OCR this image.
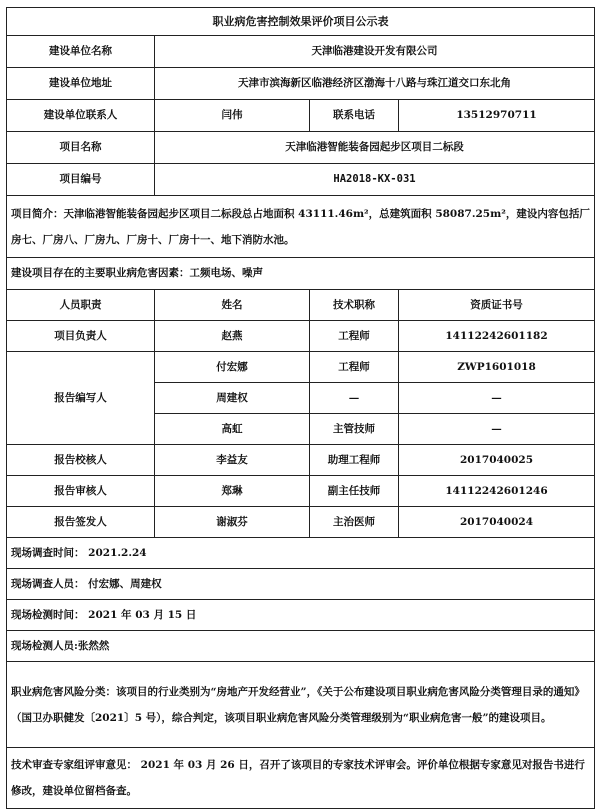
职业病危害控制效果评价项目公示表			
建设单位名称	天津临港建设开发有限公司		
建设单位地址	天津市滨海新区临港经济区渤海十八路与珠江道交口东北角		
建设单位联系人	闫伟	联系电话	13512970711
项目名称	天津临港智能装备园起步区项目二标段		
项目编号	HA2018-KX-031		
项目简介：天津临港智能装备园起步区项目二标段总占地面积 43111.46m²，总建筑面积 58087.25m²，建设内容包括厂房七、厂房八、厂房九、厂房十、厂房十一、地下消防水池。			
建设项目存在的主要职业病危害因素：工频电场、噪声			
人员职责	姓名	技术职称	资质证书号
项目负责人	赵燕	工程师	14112242601182
报告编写人	付宏娜	工程师	ZWP1601018
	周建权	—	—
	高虹	主管技师	—
报告校核人	李益友	助理工程师	2017040025
报告审核人	郑琳	副主任技师	14112242601246
报告签发人	谢淑芬	主治医师	2017040024
现场调查时间： 2021.2.24			
现场调查人员： 付宏娜、周建权			
现场检测时间： 2021 年 03 月 15 日			
现场检测人员:张然然			
职业病危害风险分类：该项目的行业类别为“房地产开发经营业”，《关于公布建设项目职业病危害风险分类管理目录的通知》（国卫办职健发〔2021〕5 号），综合判定，该项目职业病危害风险分类管理级别为“职业病危害一般”的建设项目。			
技术审查专家组评审意见： 2021 年 03 月 26 日，召开了该项目的专家技术评审会。评价单位根据专家意见对报告书进行修改，建设单位留档备查。			
